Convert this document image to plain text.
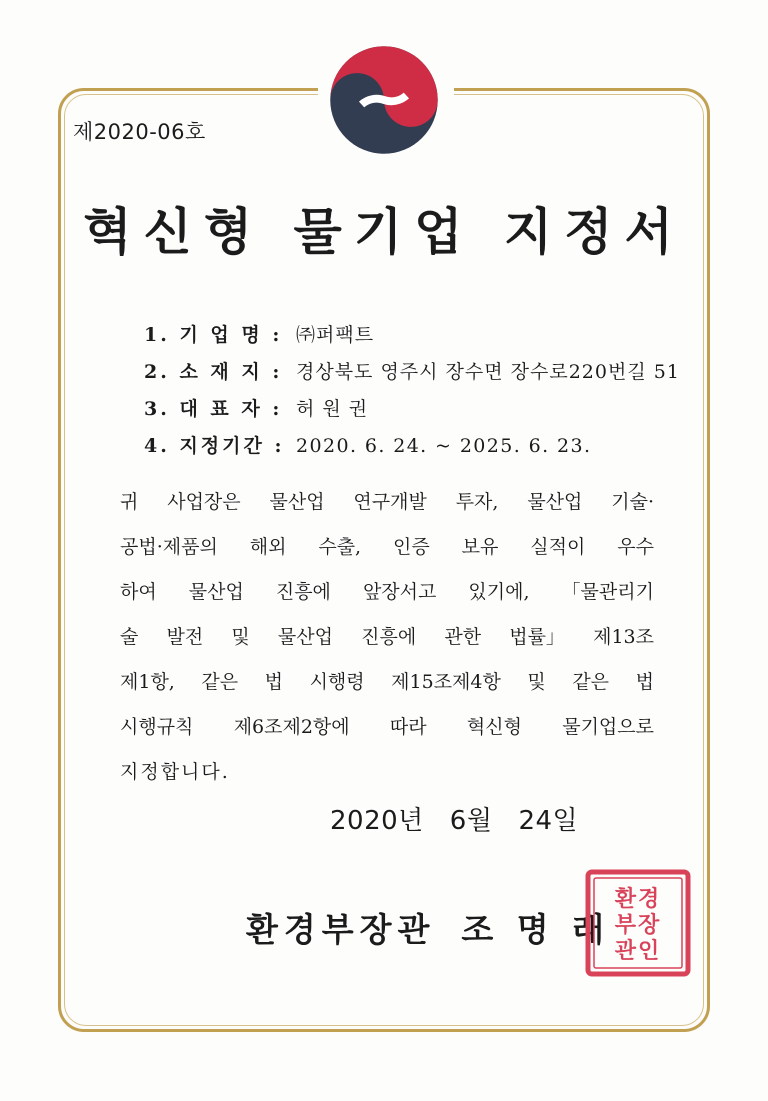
제2020-06호
혁신형 물기업 지정서
1. 기 업 명 : ㈜퍼팩트
2. 소 재 지 : 경상북도 영주시 장수면 장수로220번길 51
3. 대 표 자 : 허 원 권
4. 지정기간 : 2020. 6. 24. ~ 2025. 6. 23.
귀 사업장은 물산업 연구개발 투자, 물산업 기술·
공법·제품의 해외 수출, 인증 보유 실적이 우수
하여 물산업 진흥에 앞장서고 있기에, 「물관리기
술 발전 및 물산업 진흥에 관한 법률」 제13조
제1항, 같은 법 시행령 제15조제4항 및 같은 법
시행규칙 제6조제2항에 따라 혁신형 물기업으로
지정합니다.
2020년 6월 24일
환경부장관 조 명 래
환경
부장
관인
